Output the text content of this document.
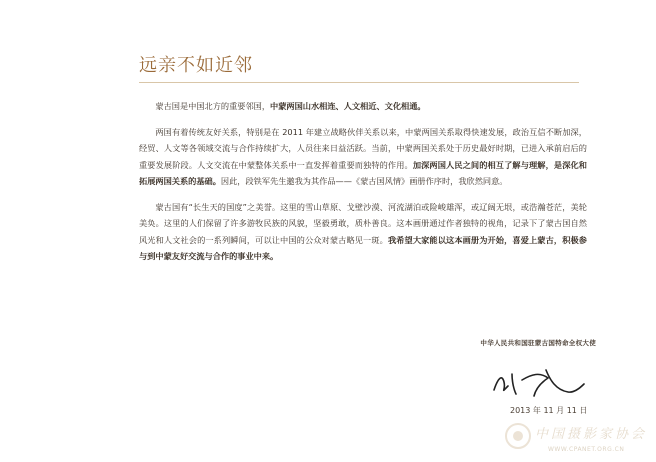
远亲不如近邻

蒙古国是中国北方的重要邻国，中蒙两国山水相连、人文相近、文化相通。

两国有着传统友好关系，特别是在 2011 年建立战略伙伴关系以来，中蒙两国关系取得快速发展，政治互信不断加深，经贸、人文等各领域交流与合作持续扩大，人员往来日益活跃。当前，中蒙两国关系处于历史最好时期，已进入承前启后的重要发展阶段。人文交流在中蒙整体关系中一直发挥着重要而独特的作用。加深两国人民之间的相互了解与理解，是深化和拓展两国关系的基础。因此，段铁军先生邀我为其作品——《蒙古国风情》画册作序时，我欣然同意。

蒙古国有“长生天的国度”之美誉。这里的雪山草原、戈壁沙漠、河流湖泊或险峻雄浑，或辽阔无垠，或浩瀚苍茫，美轮美奂。这里的人们保留了许多游牧民族的风貌，坚毅勇敢，质朴善良。这本画册通过作者独特的视角，记录下了蒙古国自然风光和人文社会的一系列瞬间，可以让中国的公众对蒙古略见一斑。我希望大家能以这本画册为开始，喜爱上蒙古，积极参与到中蒙友好交流与合作的事业中来。

中华人民共和国驻蒙古国特命全权大使
2013 年 11 月 11 日
中国摄影家协会
WWW.CPANET.ORG.CN
